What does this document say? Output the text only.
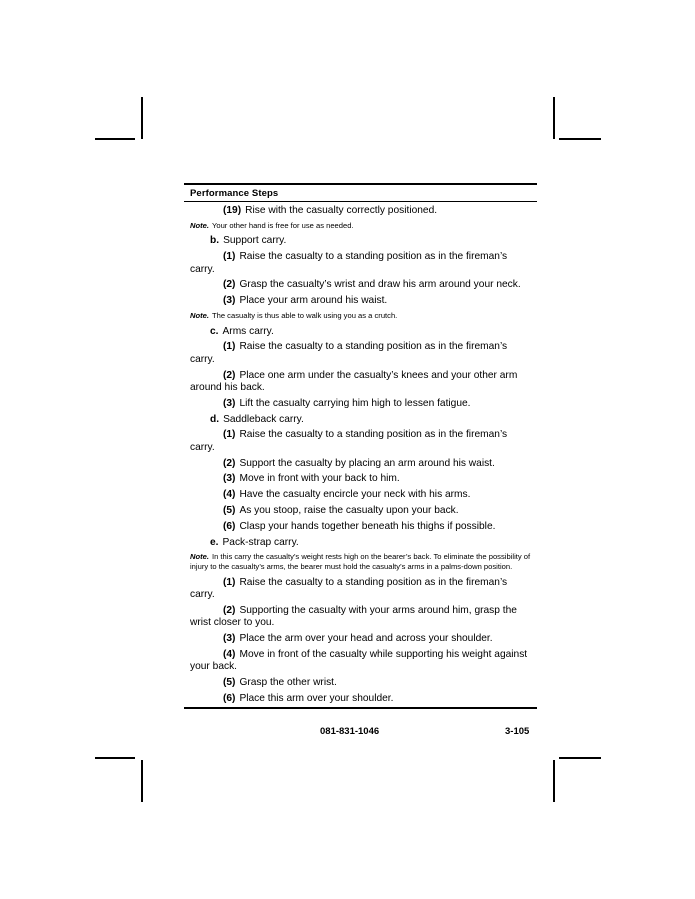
Performance Steps

(19) Rise with the casualty correctly positioned.

Note. Your other hand is free for use as needed.

b. Support carry.

(1) Raise the casualty to a standing position as in the fireman’s carry.

(2) Grasp the casualty’s wrist and draw his arm around your neck.

(3) Place your arm around his waist.

Note. The casualty is thus able to walk using you as a crutch.

c. Arms carry.

(1) Raise the casualty to a standing position as in the fireman’s carry.

(2) Place one arm under the casualty’s knees and your other arm around his back.

(3) Lift the casualty carrying him high to lessen fatigue.

d. Saddleback carry.

(1) Raise the casualty to a standing position as in the fireman’s carry.

(2) Support the casualty by placing an arm around his waist.

(3) Move in front with your back to him.

(4) Have the casualty encircle your neck with his arms.

(5) As you stoop, raise the casualty upon your back.

(6) Clasp your hands together beneath his thighs if possible.

e. Pack-strap carry.

Note. In this carry the casualty’s weight rests high on the bearer’s back. To eliminate the possibility of injury to the casualty’s arms, the bearer must hold the casualty’s arms in a palms-down position.

(1) Raise the casualty to a standing position as in the fireman’s carry.

(2) Supporting the casualty with your arms around him, grasp the wrist closer to you.

(3) Place the arm over your head and across your shoulder.

(4) Move in front of the casualty while supporting his weight against your back.

(5) Grasp the other wrist.

(6) Place this arm over your shoulder.

081-831-1046	3-105
